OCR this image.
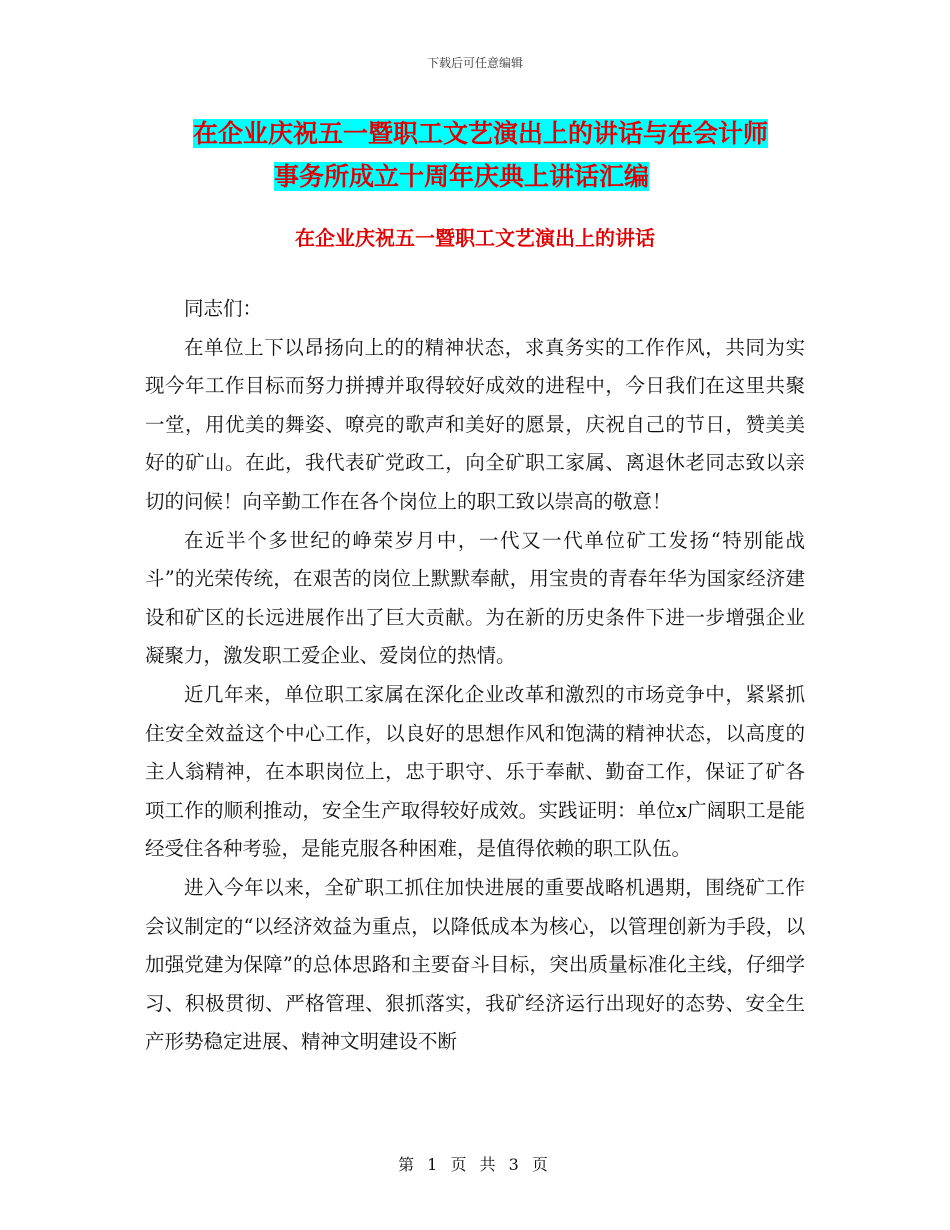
下载后可任意编辑
在企业庆祝五一暨职工文艺演出上的讲话与在会计师
事务所成立十周年庆典上讲话汇编
在企业庆祝五一暨职工文艺演出上的讲话

同志们：

在单位上下以昂扬向上的的精神状态，求真务实的工作作风，共同为实现今年工作目标而努力拼搏并取得较好成效的进程中，今日我们在这里共聚一堂，用优美的舞姿、嘹亮的歌声和美好的愿景，庆祝自己的节日，赞美美好的矿山。在此，我代表矿党政工，向全矿职工家属、离退休老同志致以亲切的问候！向辛勤工作在各个岗位上的职工致以崇高的敬意！

在近半个多世纪的峥荣岁月中，一代又一代单位矿工发扬“特别能战斗”的光荣传统，在艰苦的岗位上默默奉献，用宝贵的青春年华为国家经济建设和矿区的长远进展作出了巨大贡献。为在新的历史条件下进一步增强企业凝聚力，激发职工爱企业、爱岗位的热情。

近几年来，单位职工家属在深化企业改革和激烈的市场竞争中，紧紧抓住安全效益这个中心工作，以良好的思想作风和饱满的精神状态，以高度的主人翁精神，在本职岗位上，忠于职守、乐于奉献、勤奋工作，保证了矿各项工作的顺利推动，安全生产取得较好成效。实践证明：单位x广阔职工是能经受住各种考验，是能克服各种困难，是值得依赖的职工队伍。

进入今年以来，全矿职工抓住加快进展的重要战略机遇期，围绕矿工作会议制定的“以经济效益为重点，以降低成本为核心，以管理创新为手段，以加强党建为保障”的总体思路和主要奋斗目标，突出质量标准化主线，仔细学习、积极贯彻、严格管理、狠抓落实，我矿经济运行出现好的态势、安全生产形势稳定进展、精神文明建设不断

第 1 页 共 3 页
